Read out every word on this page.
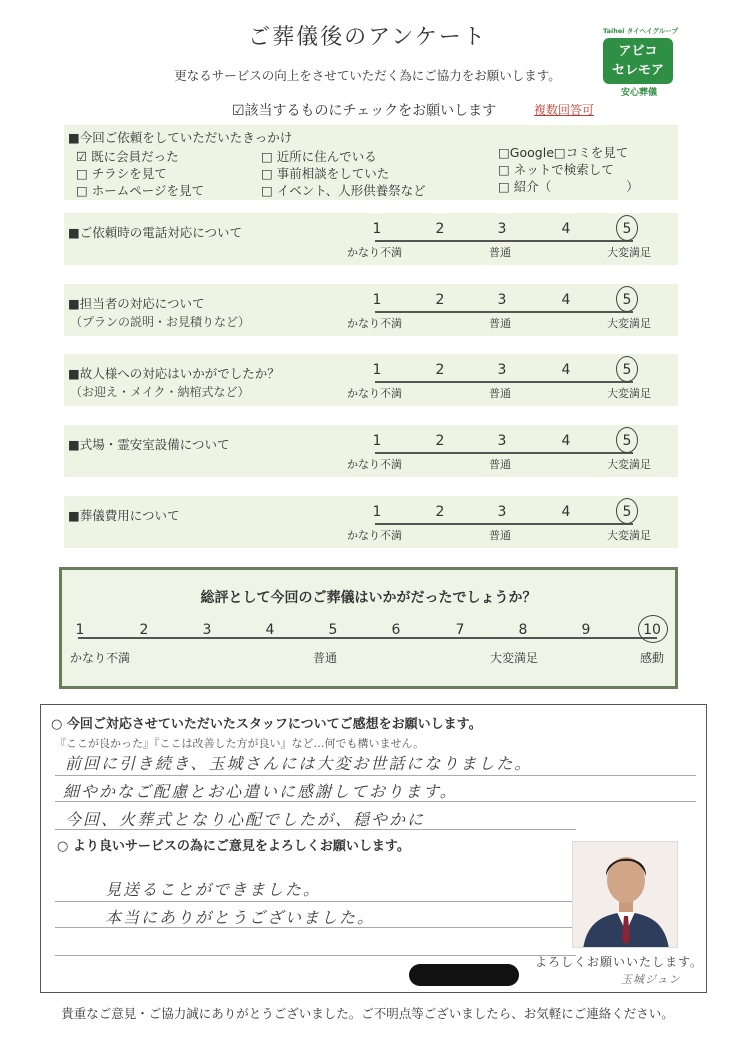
ご葬儀後のアンケート
更なるサービスの向上をさせていただく為にご協力をお願いします。
☑該当するものにチェックをお願いします	複数回答可
Taihei タイヘイグループ
アビコ
セレモア
安心葬儀
■今回ご依頼をしていただいたきっかけ
☑ 既に会員だった
□ チラシを見て
□ ホームページを見て
□ 近所に住んでいる
□ 事前相談をしていた
□ イベント、人形供養祭など
□Google□コミを見て
□ ネットで検索して
□ 紹介（　　　　　　）
■ご依頼時の電話対応について	1	2	3	4	5
かなり不満	普通	大変満足
■担当者の対応について
（プランの説明・お見積りなど）
1	2	3	4	5
かなり不満	普通	大変満足
■故人様への対応はいかがでしたか？
（お迎え・メイク・納棺式など）
1	2	3	4	5
かなり不満	普通	大変満足
■式場・霊安室設備について	1	2	3	4	5
かなり不満	普通	大変満足
■葬儀費用について	1	2	3	4	5
かなり不満	普通	大変満足
総評として今回のご葬儀はいかがだったでしょうか？
1	2	3	4	5	6	7	8	9	10
かなり不満	普通	大変満足	感動
○ 今回ご対応させていただいたスタッフについてご感想をお願いします。
『ここが良かった』『ここは改善した方が良い』など…何でも構いません。
前回に引き続き、玉城さんには大変お世話になりました。
細やかなご配慮とお心遣いに感謝しております。
今回、火葬式となり心配でしたが、穏やかに
○ より良いサービスの為にご意見をよろしくお願いします。
見送ることができました。
本当にありがとうございました。
よろしくお願いいたします。
玉城ジュン
貴重なご意見・ご協力誠にありがとうございました。ご不明点等ございましたら、お気軽にご連絡ください。
